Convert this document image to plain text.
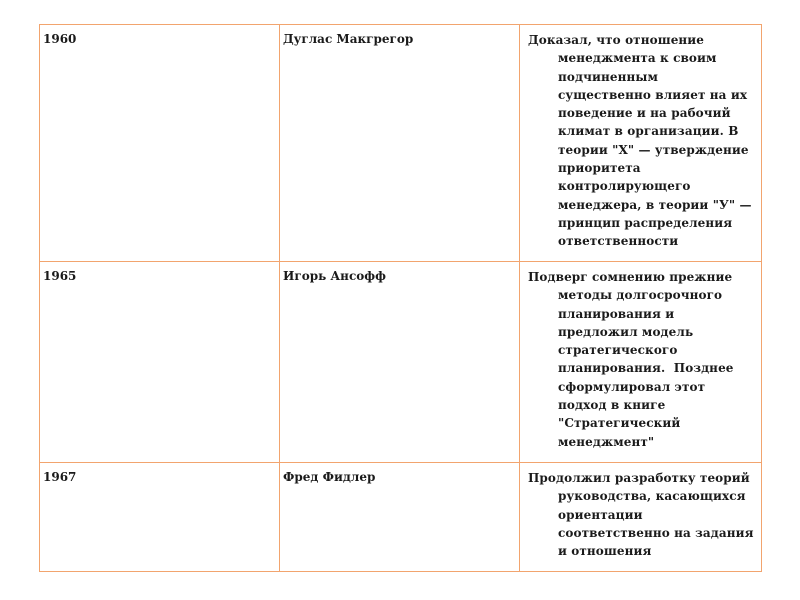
1960	Дуглас Макгрегор	Доказал, что отношение менеджмента к своим подчиненным существенно влияет на их поведение и на рабочий климат в организации. В теории "X" — утверждение приоритета контролирующего менеджера, в теории "У" — принцип распределения ответственности

1965	Игорь Ансофф	Подверг сомнению прежние методы долгосрочного планирования и предложил модель стратегического планирования.  Позднее сформулировал этот подход в книге "Стратегический менеджмент"

1967	Фред Фидлер	Продолжил разработку теорий руководства, касающихся ориентации соответственно на задания и отношения
